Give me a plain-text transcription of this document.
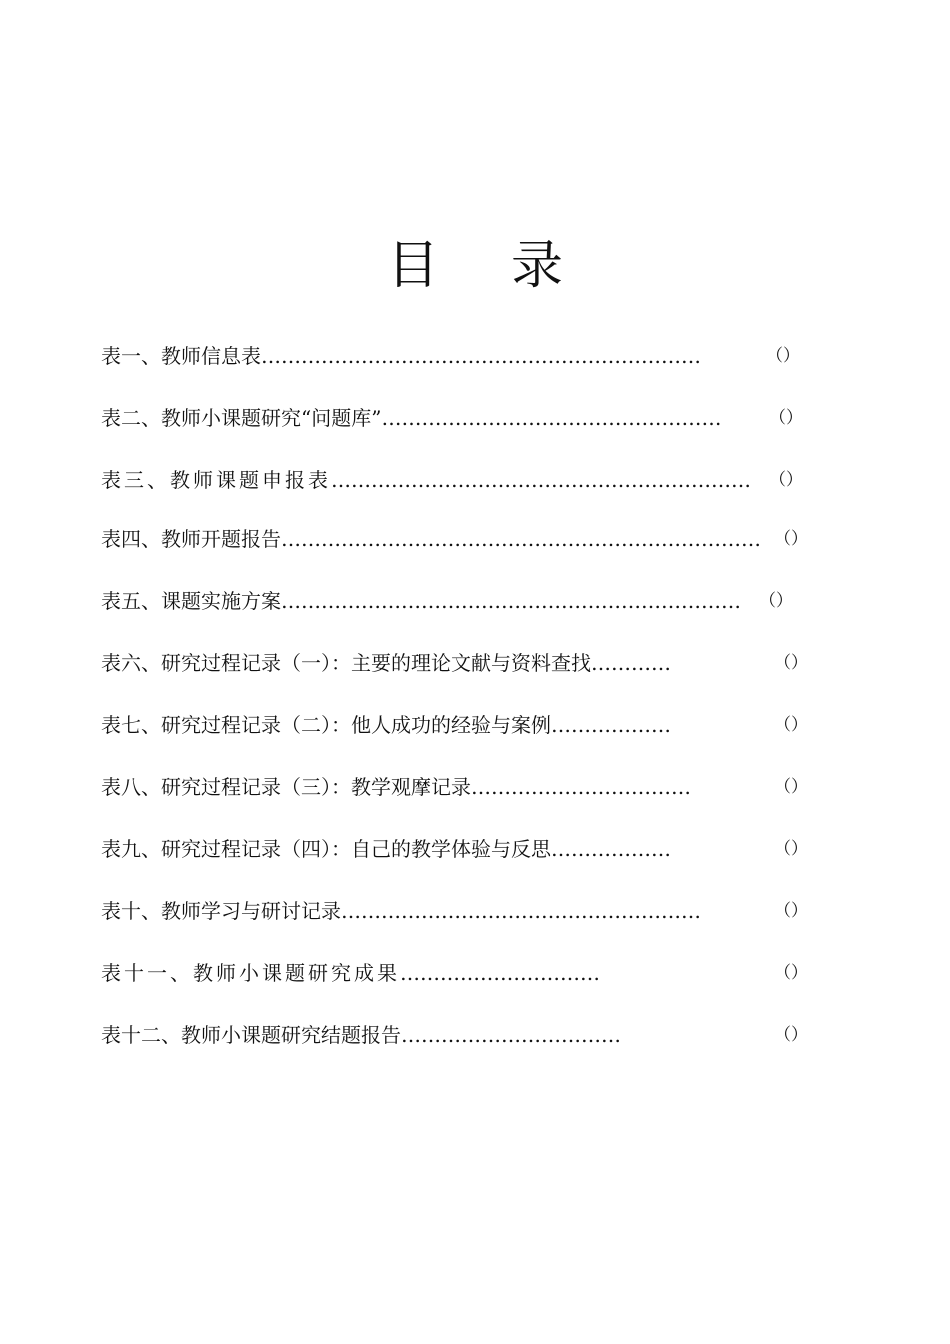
目 录
表一、教师信息表…………………………………………………………	（）
表二、教师小课题研究“问题库”……………………………………………	（）
表三、教师课题申报表……………………………………………………… （）
表四、教师开题报告……………………………………………………………… （）
表五、课题实施方案…………………………………………………………… （）
表六、研究过程记录（一）：主要的理论文献与资料查找…………	（）
表七、研究过程记录（二）：他人成功的经验与案例………………	（）
表八、研究过程记录（三）：教学观摩记录……………………………	（）
表九、研究过程记录（四）：自己的教学体验与反思………………	（）
表十、教师学习与研讨记录………………………………………………	（）
表十一、教师小课题研究成果…………………………	（）
表十二、教师小课题研究结题报告……………………………	（）
